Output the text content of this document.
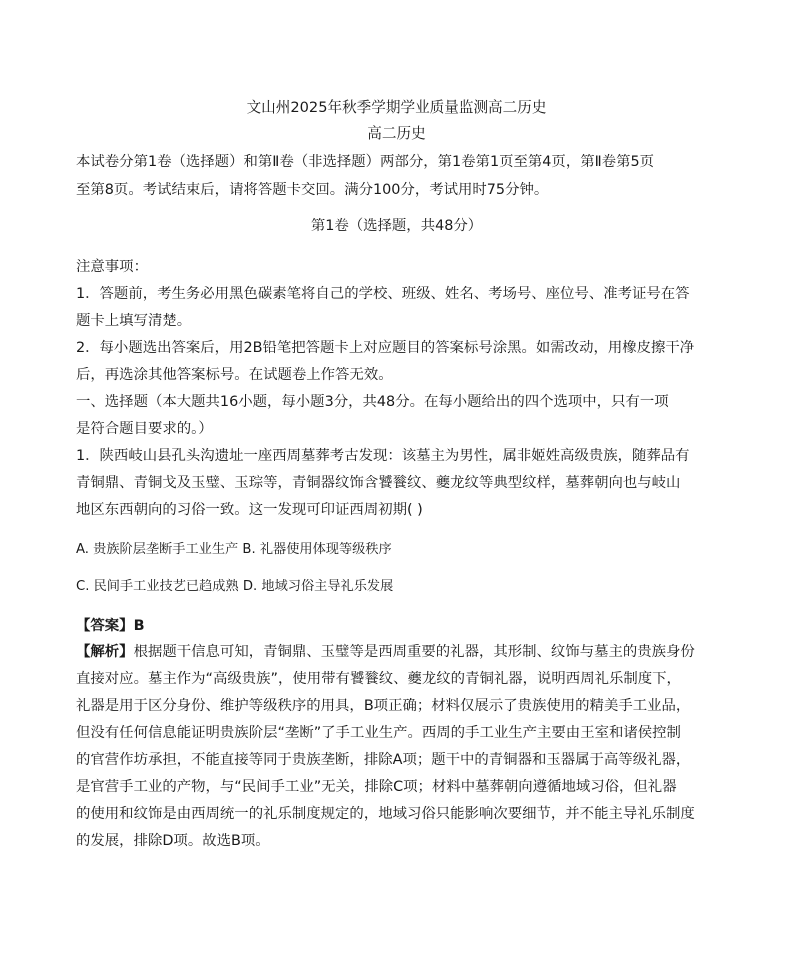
文山州2025年秋季学期学业质量监测高二历史
高二历史
本试卷分第1卷（选择题）和第Ⅱ卷（非选择题）两部分，第1卷第1页至第4页，第Ⅱ卷第5页
至第8页。考试结束后，请将答题卡交回。满分100分，考试用时75分钟。
第1卷（选择题，共48分）
注意事项：
1．答题前，考生务必用黑色碳素笔将自己的学校、班级、姓名、考场号、座位号、准考证号在答
题卡上填写清楚。
2．每小题选出答案后，用2B铅笔把答题卡上对应题目的答案标号涂黑。如需改动，用橡皮擦干净
后，再选涂其他答案标号。在试题卷上作答无效。
一、选择题（本大题共16小题，每小题3分，共48分。在每小题给出的四个选项中，只有一项
是符合题目要求的。）
1．陕西岐山县孔头沟遗址一座西周墓葬考古发现：该墓主为男性，属非姬姓高级贵族，随葬品有
青铜鼎、青铜戈及玉璧、玉琮等，青铜器纹饰含饕餮纹、夔龙纹等典型纹样，墓葬朝向也与岐山
地区东西朝向的习俗一致。这一发现可印证西周初期( )
A. 贵族阶层垄断手工业生产 B. 礼器使用体现等级秩序
C. 民间手工业技艺已趋成熟 D. 地域习俗主导礼乐发展
【答案】B
【解析】根据题干信息可知，青铜鼎、玉璧等是西周重要的礼器，其形制、纹饰与墓主的贵族身份
直接对应。墓主作为“高级贵族”，使用带有饕餮纹、夔龙纹的青铜礼器，说明西周礼乐制度下，
礼器是用于区分身份、维护等级秩序的用具，B项正确；材料仅展示了贵族使用的精美手工业品，
但没有任何信息能证明贵族阶层“垄断”了手工业生产。西周的手工业生产主要由王室和诸侯控制
的官营作坊承担，不能直接等同于贵族垄断，排除A项；题干中的青铜器和玉器属于高等级礼器，
是官营手工业的产物，与“民间手工业”无关，排除C项；材料中墓葬朝向遵循地域习俗，但礼器
的使用和纹饰是由西周统一的礼乐制度规定的，地域习俗只能影响次要细节，并不能主导礼乐制度
的发展，排除D项。故选B项。
